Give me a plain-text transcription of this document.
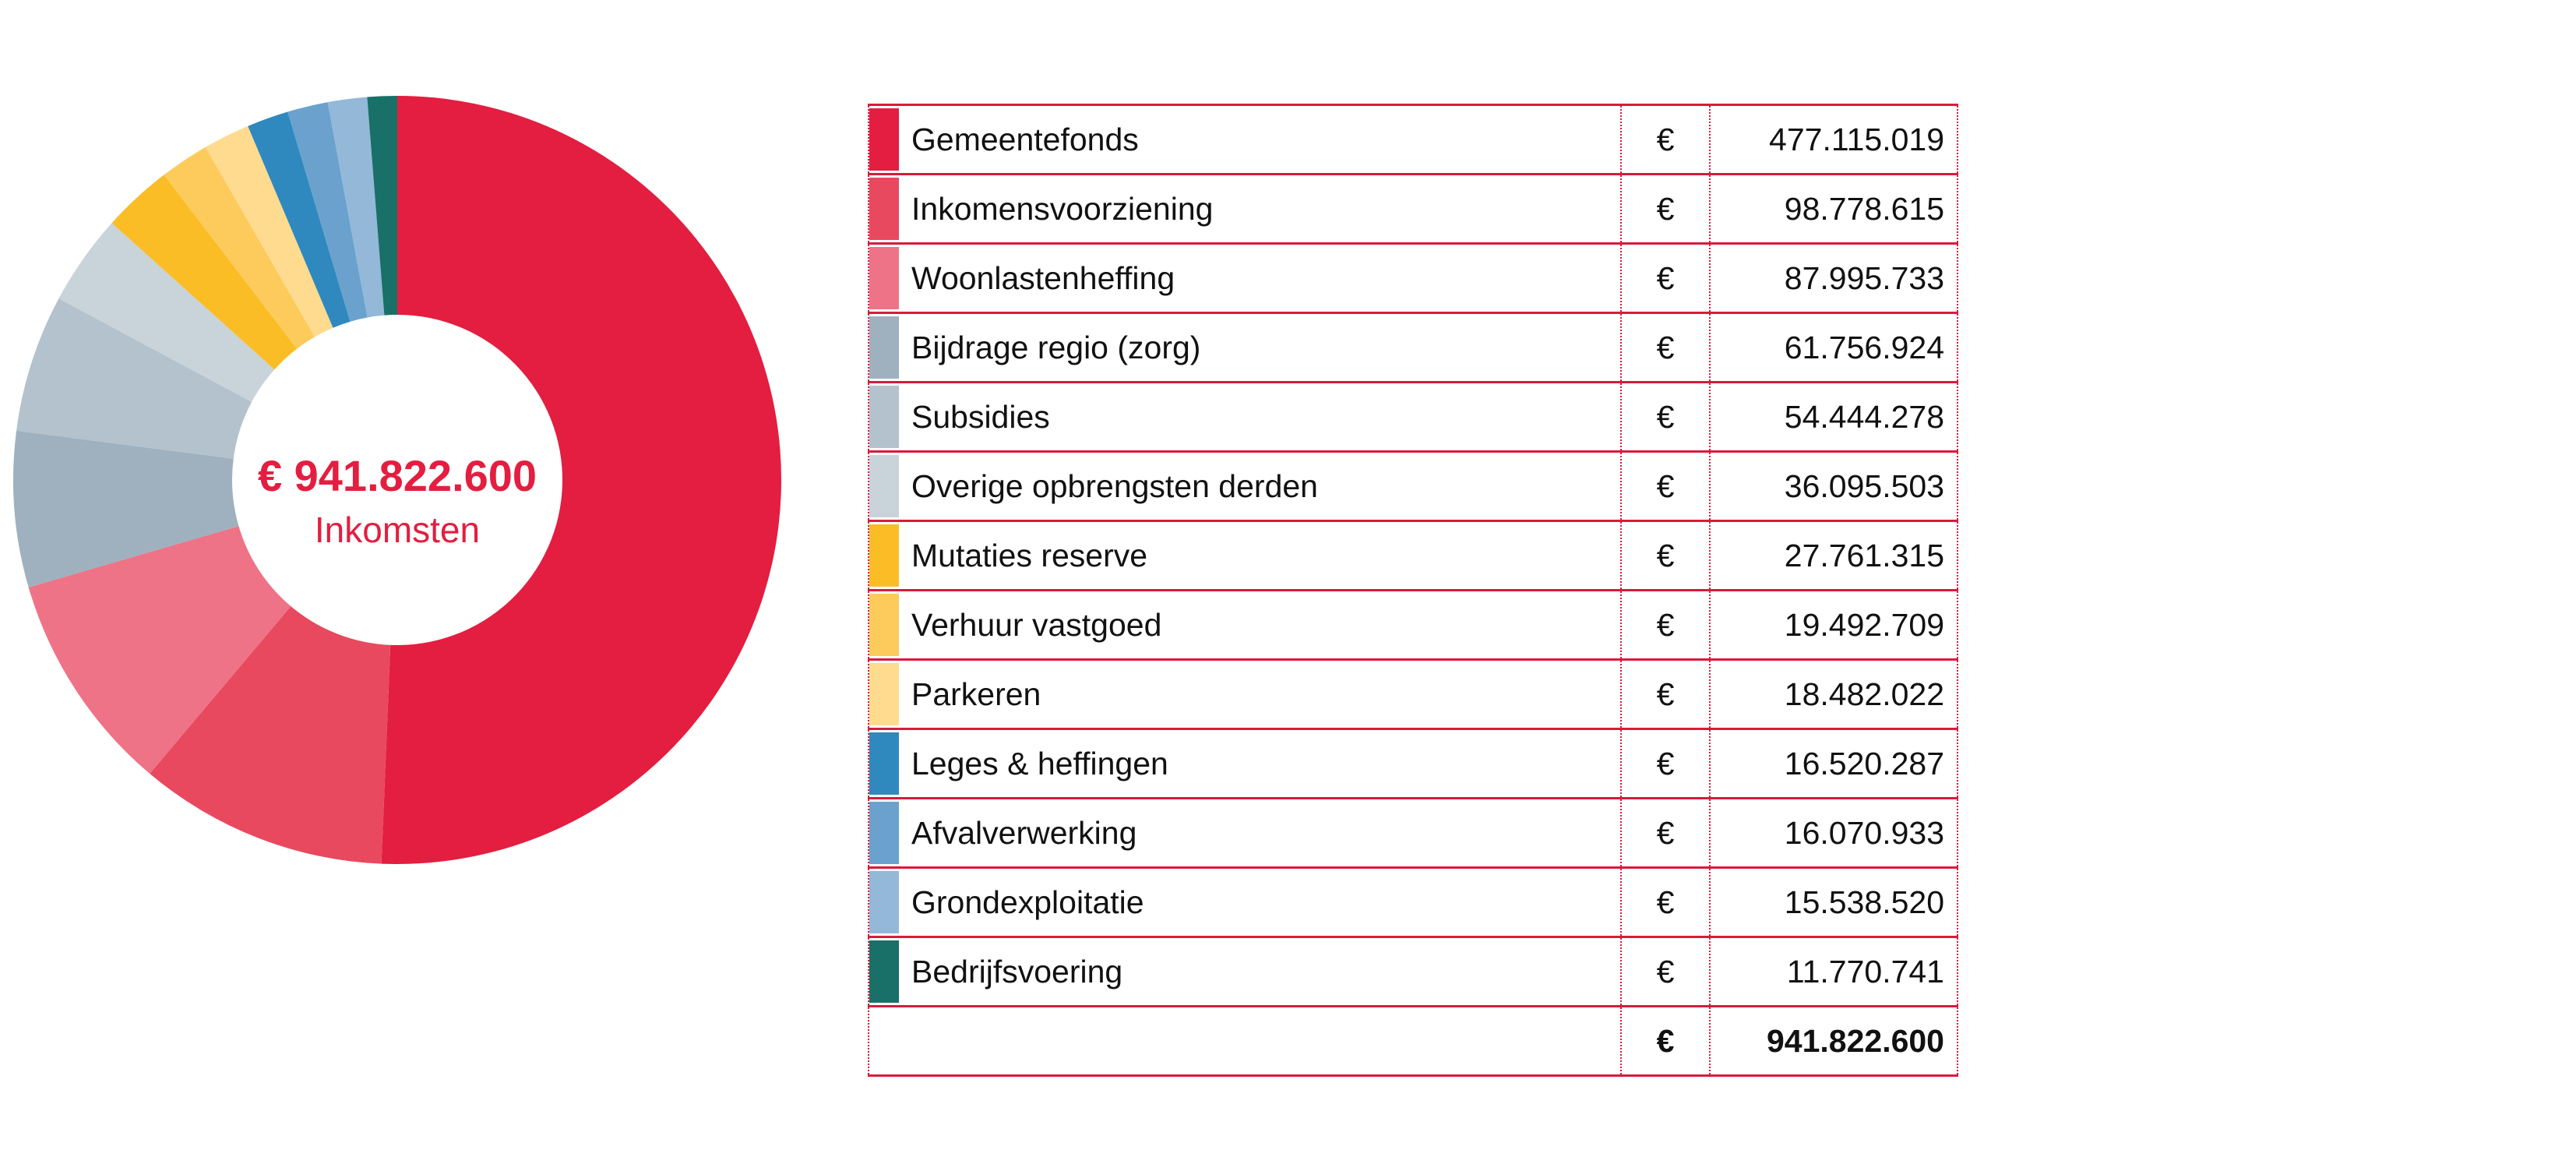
€ 941.822.600
Inkomsten
	Gemeentefonds	€	477.115.019

	Inkomensvoorziening	€	98.778.615

	Woonlastenheffing	€	87.995.733

	Bijdrage regio (zorg)	€	61.756.924

	Subsidies	€	54.444.278

	Overige opbrengsten derden	€	36.095.503

	Mutaties reserve	€	27.761.315

	Verhuur vastgoed	€	19.492.709

	Parkeren	€	18.482.022

	Leges & heffingen	€	16.520.287

	Afvalverwerking	€	16.070.933

	Grondexploitatie	€	15.538.520

	Bedrijfsvoering	€	11.770.741
		€	941.822.600
